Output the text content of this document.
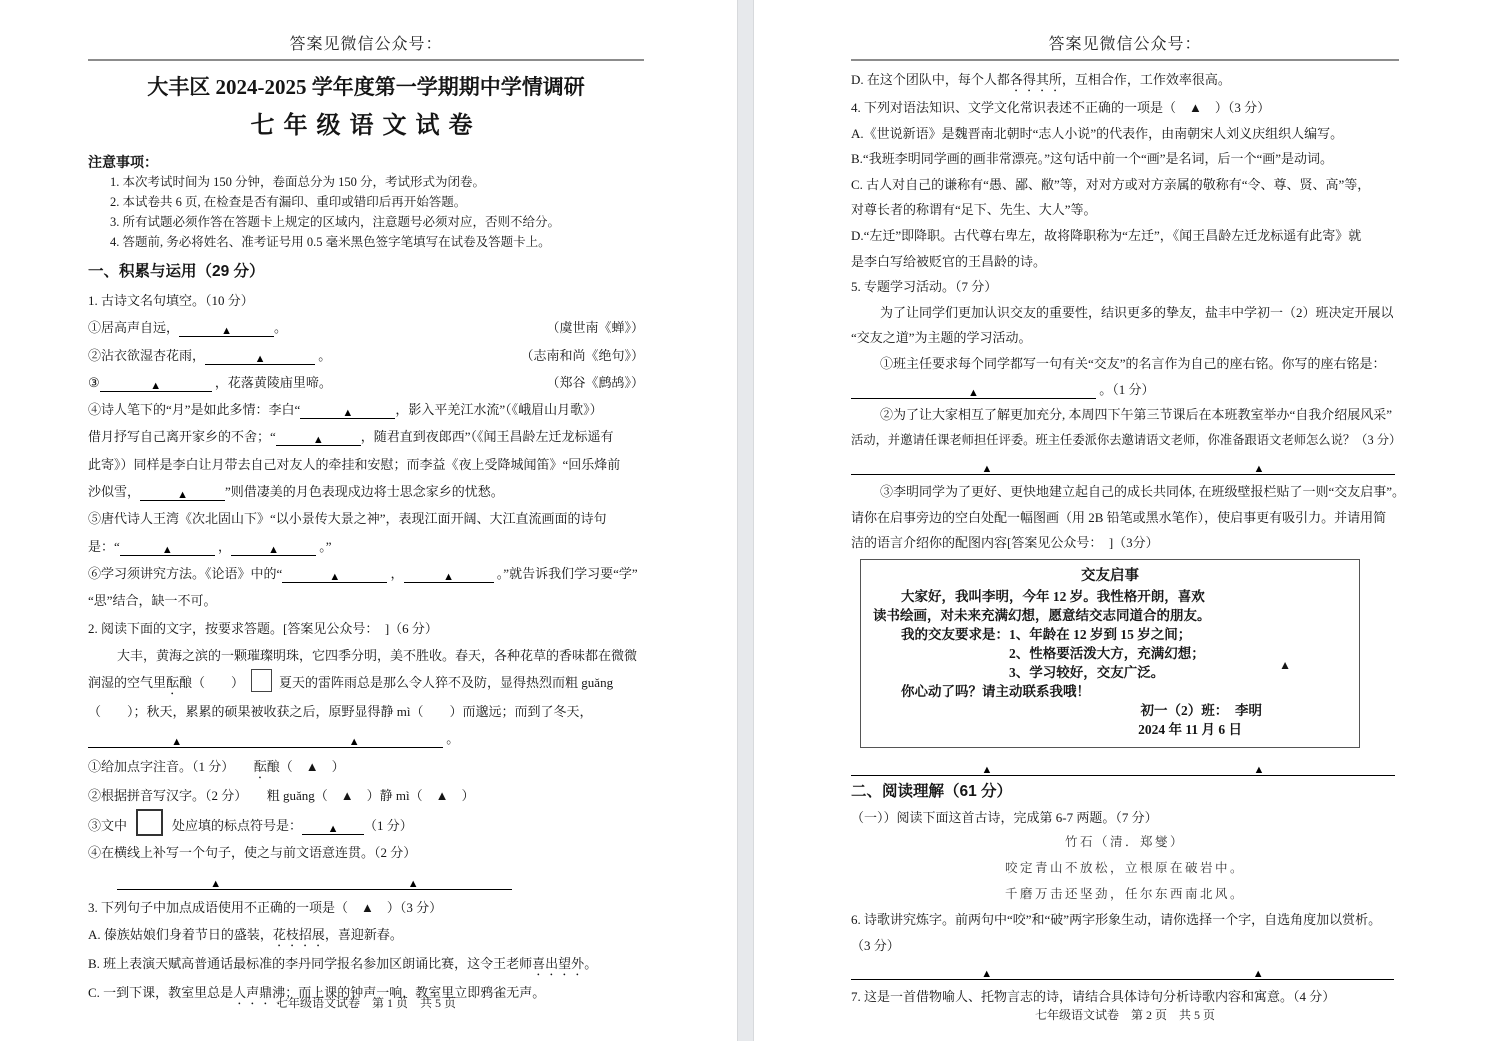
答案见微信公众号：
大丰区 2024-2025 学年度第一学期期中学情调研
七年级语文试卷
注意事项：
1. 本次考试时间为 150 分钟，卷面总分为 150 分，考试形式为闭卷。
2. 本试卷共 6 页, 在检查是否有漏印、重印或错印后再开始答题。
3. 所有试题必须作答在答题卡上规定的区域内，注意题号必须对应，否则不给分。
4. 答题前, 务必将姓名、准考证号用 0.5 毫米黑色签字笔填写在试卷及答题卡上。
一、积累与运用（29 分）
1. 古诗文名句填空。（10 分）
①居高声自远，	▲	。	（虞世南《蝉》）
②沾衣欲湿杏花雨，	▲	。	（志南和尚《绝句》）
③	▲	，花落黄陵庙里啼。	（郑谷《鹧鸪》）
④诗人笔下的“月”是如此多情：李白“	▲	，影入平羌江水流”（《峨眉山月歌》）
借月抒写自己离开家乡的不舍；“	▲	，随君直到夜郎西”（《闻王昌龄左迁龙标遥有
此寄》）同样是李白让月带去自己对友人的牵挂和安慰；而李益《夜上受降城闻笛》“回乐烽前
沙似雪，	▲	”则借凄美的月色表现戍边将士思念家乡的忧愁。
⑤唐代诗人王湾《次北固山下》“以小景传大景之神”，表现江面开阔、大江直流画面的诗句
是：“	▲	，	▲	。”
⑥学习须讲究方法。《论语》中的“	▲	，	▲	。”就告诉我们学习要“学”
“思”结合，缺一不可。
2. 阅读下面的文字，按要求答题。[答案见公众号：　]（6 分）
大丰，黄海之滨的一颗璀璨明珠，它四季分明，美不胜收。春天，各种花草的香味都在微微
润湿的空气里酝酿（　　）	夏天的雷阵雨总是那么令人猝不及防，显得热烈而粗 guǎng
（　　）；秋天，累累的硕果被收获之后，原野显得静 mì（　　）而邈远；而到了冬天，
▲	▲	。
①给加点字注音。（1 分）　　酝酿（　▲　）
②根据拼音写汉字。（2 分）　　粗 guǎng（　▲　）静 mì（　▲　）
③文中	处应填的标点符号是： ▲ （1 分）
④在横线上补写一个句子，使之与前文语意连贯。（2 分）
▲	▲
3. 下列句子中加点成语使用不正确的一项是（　▲　）（3 分）
A. 傣族姑娘们身着节日的盛装，花枝招展，喜迎新春。
B. 班上表演天赋高普通话最标准的李丹同学报名参加区朗诵比赛，这令王老师喜出望外。
C. 一到下课，教室里总是人声鼎沸；而上课的钟声一响，教室里立即鸦雀无声。
七年级语文试卷　第 1 页　共 5 页
答案见微信公众号：
D. 在这个团队中，每个人都各得其所，互相合作，工作效率很高。
4. 下列对语法知识、文学文化常识表述不正确的一项是（　▲　）（3 分）
A.《世说新语》是魏晋南北朝时“志人小说”的代表作，由南朝宋人刘义庆组织人编写。
B.“我班李明同学画的画非常漂亮。”这句话中前一个“画”是名词，后一个“画”是动词。
C. 古人对自己的谦称有“愚、鄙、敝”等，对对方或对方亲属的敬称有“令、尊、贤、高”等，
对尊长者的称谓有“足下、先生、大人”等。
D.“左迁”即降职。古代尊右卑左，故将降职称为“左迁”，《闻王昌龄左迁龙标遥有此寄》就
是李白写给被贬官的王昌龄的诗。
5. 专题学习活动。（7 分）
为了让同学们更加认识交友的重要性，结识更多的挚友，盐丰中学初一（2）班决定开展以
“交友之道”为主题的学习活动。
①班主任要求每个同学都写一句有关“交友”的名言作为自己的座右铭。你写的座右铭是：
▲	。（1 分）
②为了让大家相互了解更加充分, 本周四下午第三节课后在本班教室举办“自我介绍展风采”
活动，并邀请任课老师担任评委。班主任委派你去邀请语文老师，你准备跟语文老师怎么说？（3 分）
▲	▲
③李明同学为了更好、更快地建立起自己的成长共同体, 在班级壁报栏贴了一则“交友启事”。
请你在启事旁边的空白处配一幅图画（用 2B 铅笔或黑水笔作），使启事更有吸引力。并请用简
洁的语言介绍你的配图内容[答案见公众号：　]（3分）
交友启事
大家好，我叫李明，今年 12 岁。我性格开朗，喜欢
读书绘画，对未来充满幻想，愿意结交志同道合的朋友。
我的交友要求是：1、年龄在 12 岁到 15 岁之间；
2、性格要活泼大方，充满幻想；
3、学习较好，交友广泛。
你心动了吗？请主动联系我哦！
初一（2）班：　李明
2024 年 11 月 6 日
▲
▲	▲
二、阅读理解（61 分）
（一））阅读下面这首古诗，完成第 6-7 两题。（7 分）
竹石（清．郑燮）
咬定青山不放松，立根原在破岩中。
千磨万击还坚劲，任尔东西南北风。
6. 诗歌讲究炼字。前两句中“咬”和“破”两字形象生动，请你选择一个字，自选角度加以赏析。
（3 分）
▲	▲
7. 这是一首借物喻人、托物言志的诗，请结合具体诗句分析诗歌内容和寓意。（4 分）
七年级语文试卷　第 2 页　共 5 页
